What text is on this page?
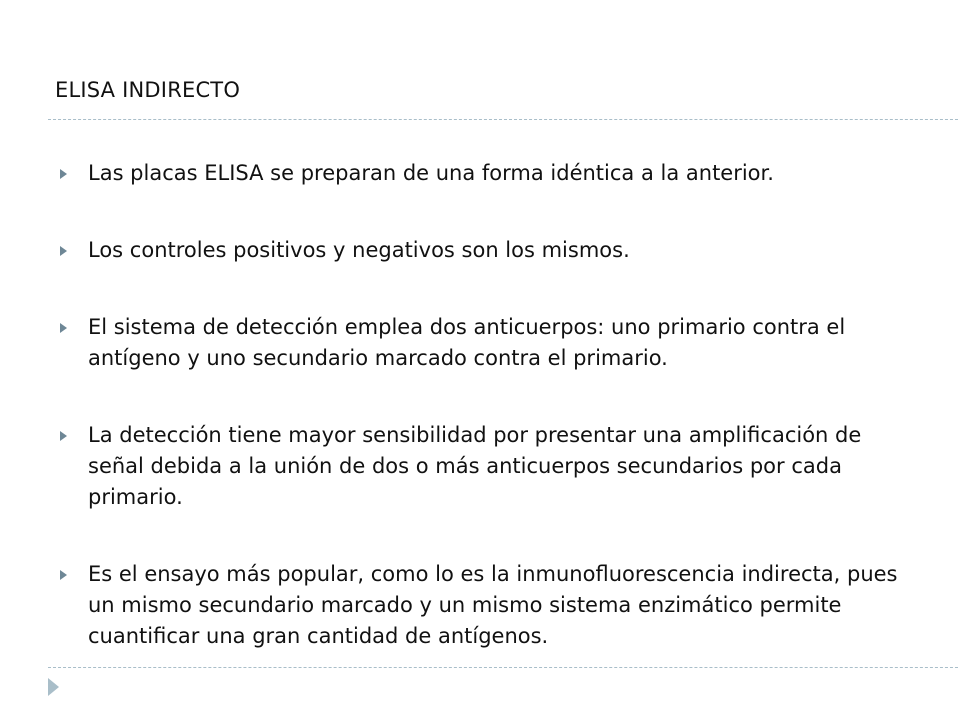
ELISA INDIRECTO
Las placas ELISA se preparan de una forma idéntica a la anterior.
Los controles positivos y negativos son los mismos.
El sistema de detección emplea dos anticuerpos: uno primario contra el antígeno y uno secundario marcado contra el primario.
La detección tiene mayor sensibilidad por presentar una amplificación de señal debida a la unión de dos o más anticuerpos secundarios por cada primario.
Es el ensayo más popular, como lo es la inmunofluorescencia indirecta, pues un mismo secundario marcado y un mismo sistema enzimático permite cuantificar una gran cantidad de antígenos.
